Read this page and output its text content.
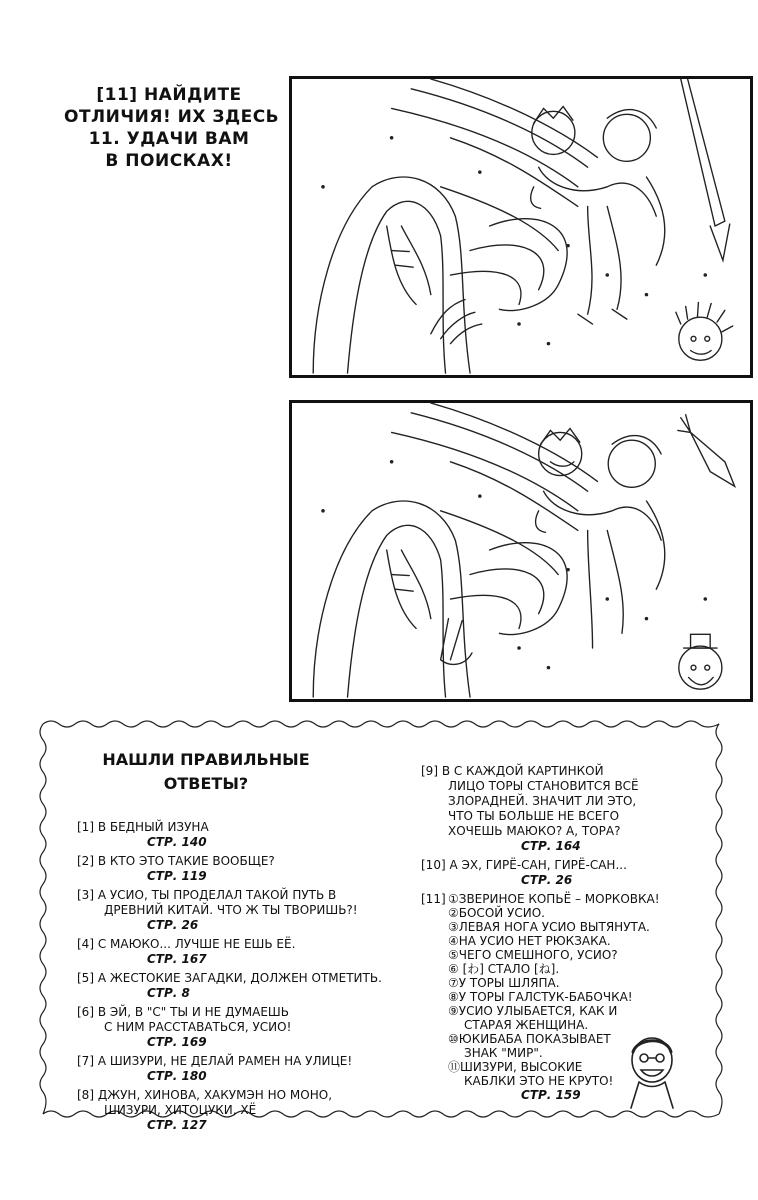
[11] НАЙДИТЕ
ОТЛИЧИЯ! ИХ ЗДЕСЬ
11. УДАЧИ ВАМ
В ПОИСКАХ!
НАШЛИ ПРАВИЛЬНЫЕ
ОТВЕТЫ?
[1] В БЕДНЫЙ ИЗУНА
СТР. 140
[2] В КТО ЭТО ТАКИЕ ВООБЩЕ?
СТР. 119
[3] А УСИО, ТЫ ПРОДЕЛАЛ ТАКОЙ ПУТЬ В
ДРЕВНИЙ КИТАЙ. ЧТО Ж ТЫ ТВОРИШЬ?!
СТР. 26
[4] С МАЮКО... ЛУЧШЕ НЕ ЕШЬ ЕЁ.
СТР. 167
[5] А ЖЕСТОКИЕ ЗАГАДКИ, ДОЛЖЕН ОТМЕТИТЬ.
СТР. 8
[6] В ЭЙ, В "С" ТЫ И НЕ ДУМАЕШЬ
С НИМ РАССТАВАТЬСЯ, УСИО!
СТР. 169
[7] А ШИЗУРИ, НЕ ДЕЛАЙ РАМЕН НА УЛИЦЕ!
СТР. 180
[8] ДЖУН, ХИНОВА, ХАКУМЭН НО МОНО,
ШИЗУРИ, ХИТОЦУКИ, ХЁ
СТР. 127
[9] В С КАЖДОЙ КАРТИНКОЙ
ЛИЦО ТОРЫ СТАНОВИТСЯ ВСЁ
ЗЛОРАДНЕЙ. ЗНАЧИТ ЛИ ЭТО,
ЧТО ТЫ БОЛЬШЕ НЕ ВСЕГО
ХОЧЕШЬ МАЮКО? А, ТОРА?
СТР. 164
[10] А ЭХ, ГИРЁ-САН, ГИРЁ-САН...
СТР. 26
[11] ①ЗВЕРИНОЕ КОПЬЁ – МОРКОВКА!
②БОСОЙ УСИО.
③ЛЕВАЯ НОГА УСИО ВЫТЯНУТА.
④НА УСИО НЕТ РЮКЗАКА.
⑤ЧЕГО СМЕШНОГО, УСИО?
⑥ [わ] СТАЛО [ね].
⑦У ТОРЫ ШЛЯПА.
⑧У ТОРЫ ГАЛСТУК-БАБОЧКА!
⑨УСИО УЛЫБАЕТСЯ, КАК И
СТАРАЯ ЖЕНЩИНА.
⑩ЮКИБАБА ПОКАЗЫВАЕТ
ЗНАК "МИР".
⑪ШИЗУРИ, ВЫСОКИЕ
КАБЛКИ ЭТО НЕ КРУТО!
СТР. 159
